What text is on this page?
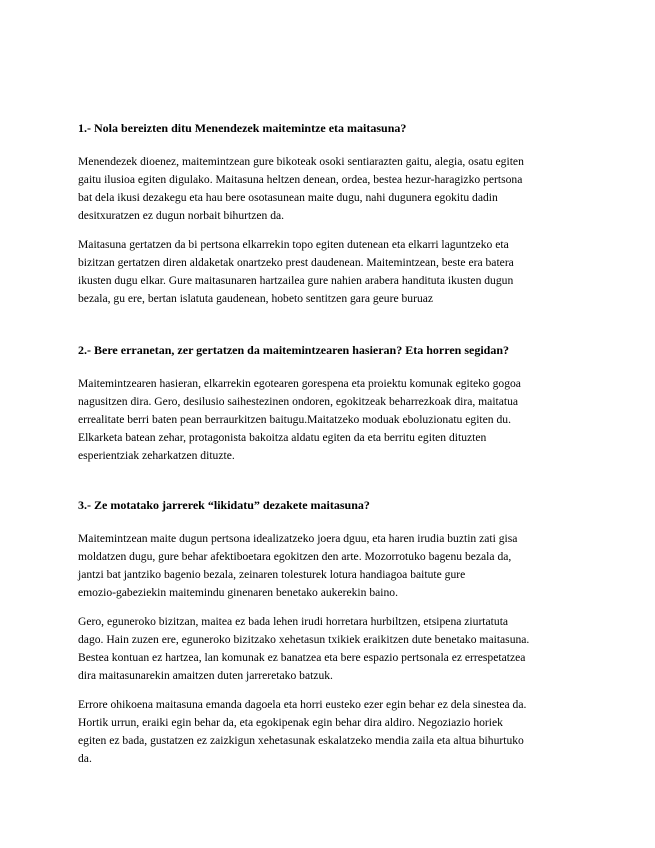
1.- Nola bereizten ditu Menendezek maitemintze eta maitasuna?
Menendezek dioenez, maitemintzean gure bikoteak osoki sentiarazten gaitu, alegia, osatu egiten
gaitu ilusioa egiten digulako. Maitasuna heltzen denean, ordea, bestea hezur-haragizko pertsona
bat dela ikusi dezakegu eta hau bere osotasunean maite dugu, nahi dugunera egokitu dadin
desitxuratzen ez dugun norbait bihurtzen da.
Maitasuna gertatzen da bi pertsona elkarrekin topo egiten dutenean eta elkarri laguntzeko eta
bizitzan gertatzen diren aldaketak onartzeko prest daudenean. Maitemintzean, beste era batera
ikusten dugu elkar. Gure maitasunaren hartzailea gure nahien arabera handituta ikusten dugun
bezala, gu ere, bertan islatuta gaudenean, hobeto sentitzen gara geure buruaz
2.- Bere erranetan, zer gertatzen da maitemintzearen hasieran? Eta horren segidan?
Maitemintzearen hasieran, elkarrekin egotearen gorespena eta proiektu komunak egiteko gogoa
nagusitzen dira. Gero, desilusio saihestezinen ondoren, egokitzeak beharrezkoak dira, maitatua
errealitate berri baten pean berraurkitzen baitugu.Maitatzeko moduak eboluzionatu egiten du.
Elkarketa batean zehar, protagonista bakoitza aldatu egiten da eta berritu egiten dituzten
esperientziak zeharkatzen dituzte.
3.- Ze motatako jarrerek “likidatu” dezakete maitasuna?
Maitemintzean maite dugun pertsona idealizatzeko joera dguu, eta haren irudia buztin zati gisa
moldatzen dugu, gure behar afektiboetara egokitzen den arte. Mozorrotuko bagenu bezala da,
jantzi bat jantziko bagenio bezala, zeinaren tolesturek lotura handiagoa baitute gure
emozio-gabeziekin maitemindu ginenaren benetako aukerekin baino.
Gero, eguneroko bizitzan, maitea ez bada lehen irudi horretara hurbiltzen, etsipena ziurtatuta
dago. Hain zuzen ere, eguneroko bizitzako xehetasun txikiek eraikitzen dute benetako maitasuna.
Bestea kontuan ez hartzea, lan komunak ez banatzea eta bere espazio pertsonala ez errespetatzea
dira maitasunarekin amaitzen duten jarreretako batzuk.
Errore ohikoena maitasuna emanda dagoela eta horri eusteko ezer egin behar ez dela sinestea da.
Hortik urrun, eraiki egin behar da, eta egokipenak egin behar dira aldiro. Negoziazio horiek
egiten ez bada, gustatzen ez zaizkigun xehetasunak eskalatzeko mendia zaila eta altua bihurtuko
da.
